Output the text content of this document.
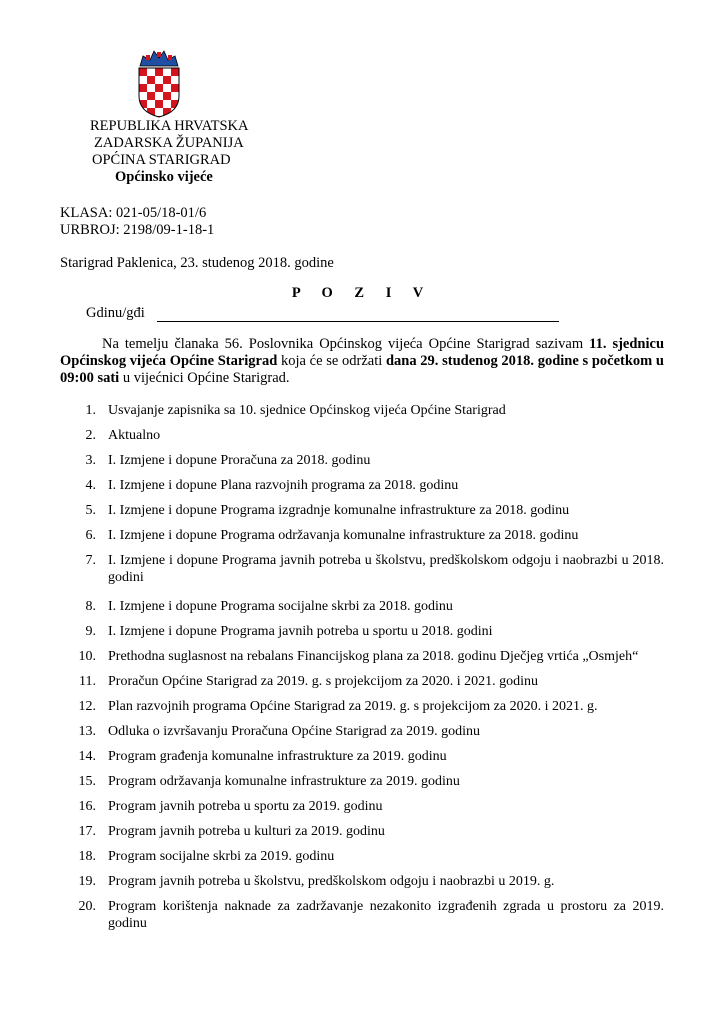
REPUBLIKA HRVATSKA
ZADARSKA ŽUPANIJA
OPĆINA STARIGRAD
Općinsko vijeće
KLASA: 021-05/18-01/6
URBROJ: 2198/09-1-18-1
Starigrad Paklenica, 23. studenog 2018. godine
P O Z I V
Gdinu/gđi
Na temelju članaka 56. Poslovnika Općinskog vijeća Općine Starigrad sazivam 11. sjednicu Općinskog vijeća Općine Starigrad koja će se održati dana 29. studenog 2018. godine s početkom u 09:00 sati u vijećnici Općine Starigrad.
1. Usvajanje zapisnika sa 10. sjednice Općinskog vijeća Općine Starigrad
2. Aktualno
3. I. Izmjene i dopune Proračuna za 2018. godinu
4. I. Izmjene i dopune Plana razvojnih programa za 2018. godinu
5. I. Izmjene i dopune Programa izgradnje komunalne infrastrukture za 2018. godinu
6. I. Izmjene i dopune Programa održavanja komunalne infrastrukture za 2018. godinu
7. I. Izmjene i dopune Programa javnih potreba u školstvu, predškolskom odgoju i naobrazbi u 2018. godini
8. I. Izmjene i dopune Programa socijalne skrbi za 2018. godinu
9. I. Izmjene i dopune Programa javnih potreba u sportu u 2018. godini
10. Prethodna suglasnost na rebalans Financijskog plana za 2018. godinu Dječjeg vrtića „Osmjeh“
11. Proračun Općine Starigrad za 2019. g. s projekcijom za 2020. i 2021. godinu
12. Plan razvojnih programa Općine Starigrad za 2019. g. s projekcijom za 2020. i 2021. g.
13. Odluka o izvršavanju Proračuna Općine Starigrad za 2019. godinu
14. Program građenja komunalne infrastrukture za 2019. godinu
15. Program održavanja komunalne infrastrukture za 2019. godinu
16. Program javnih potreba u sportu za 2019. godinu
17. Program javnih potreba u kulturi za 2019. godinu
18. Program socijalne skrbi za 2019. godinu
19. Program javnih potreba u školstvu, predškolskom odgoju i naobrazbi u 2019. g.
20. Program korištenja naknade za zadržavanje nezakonito izgrađenih zgrada u prostoru za 2019. godinu
